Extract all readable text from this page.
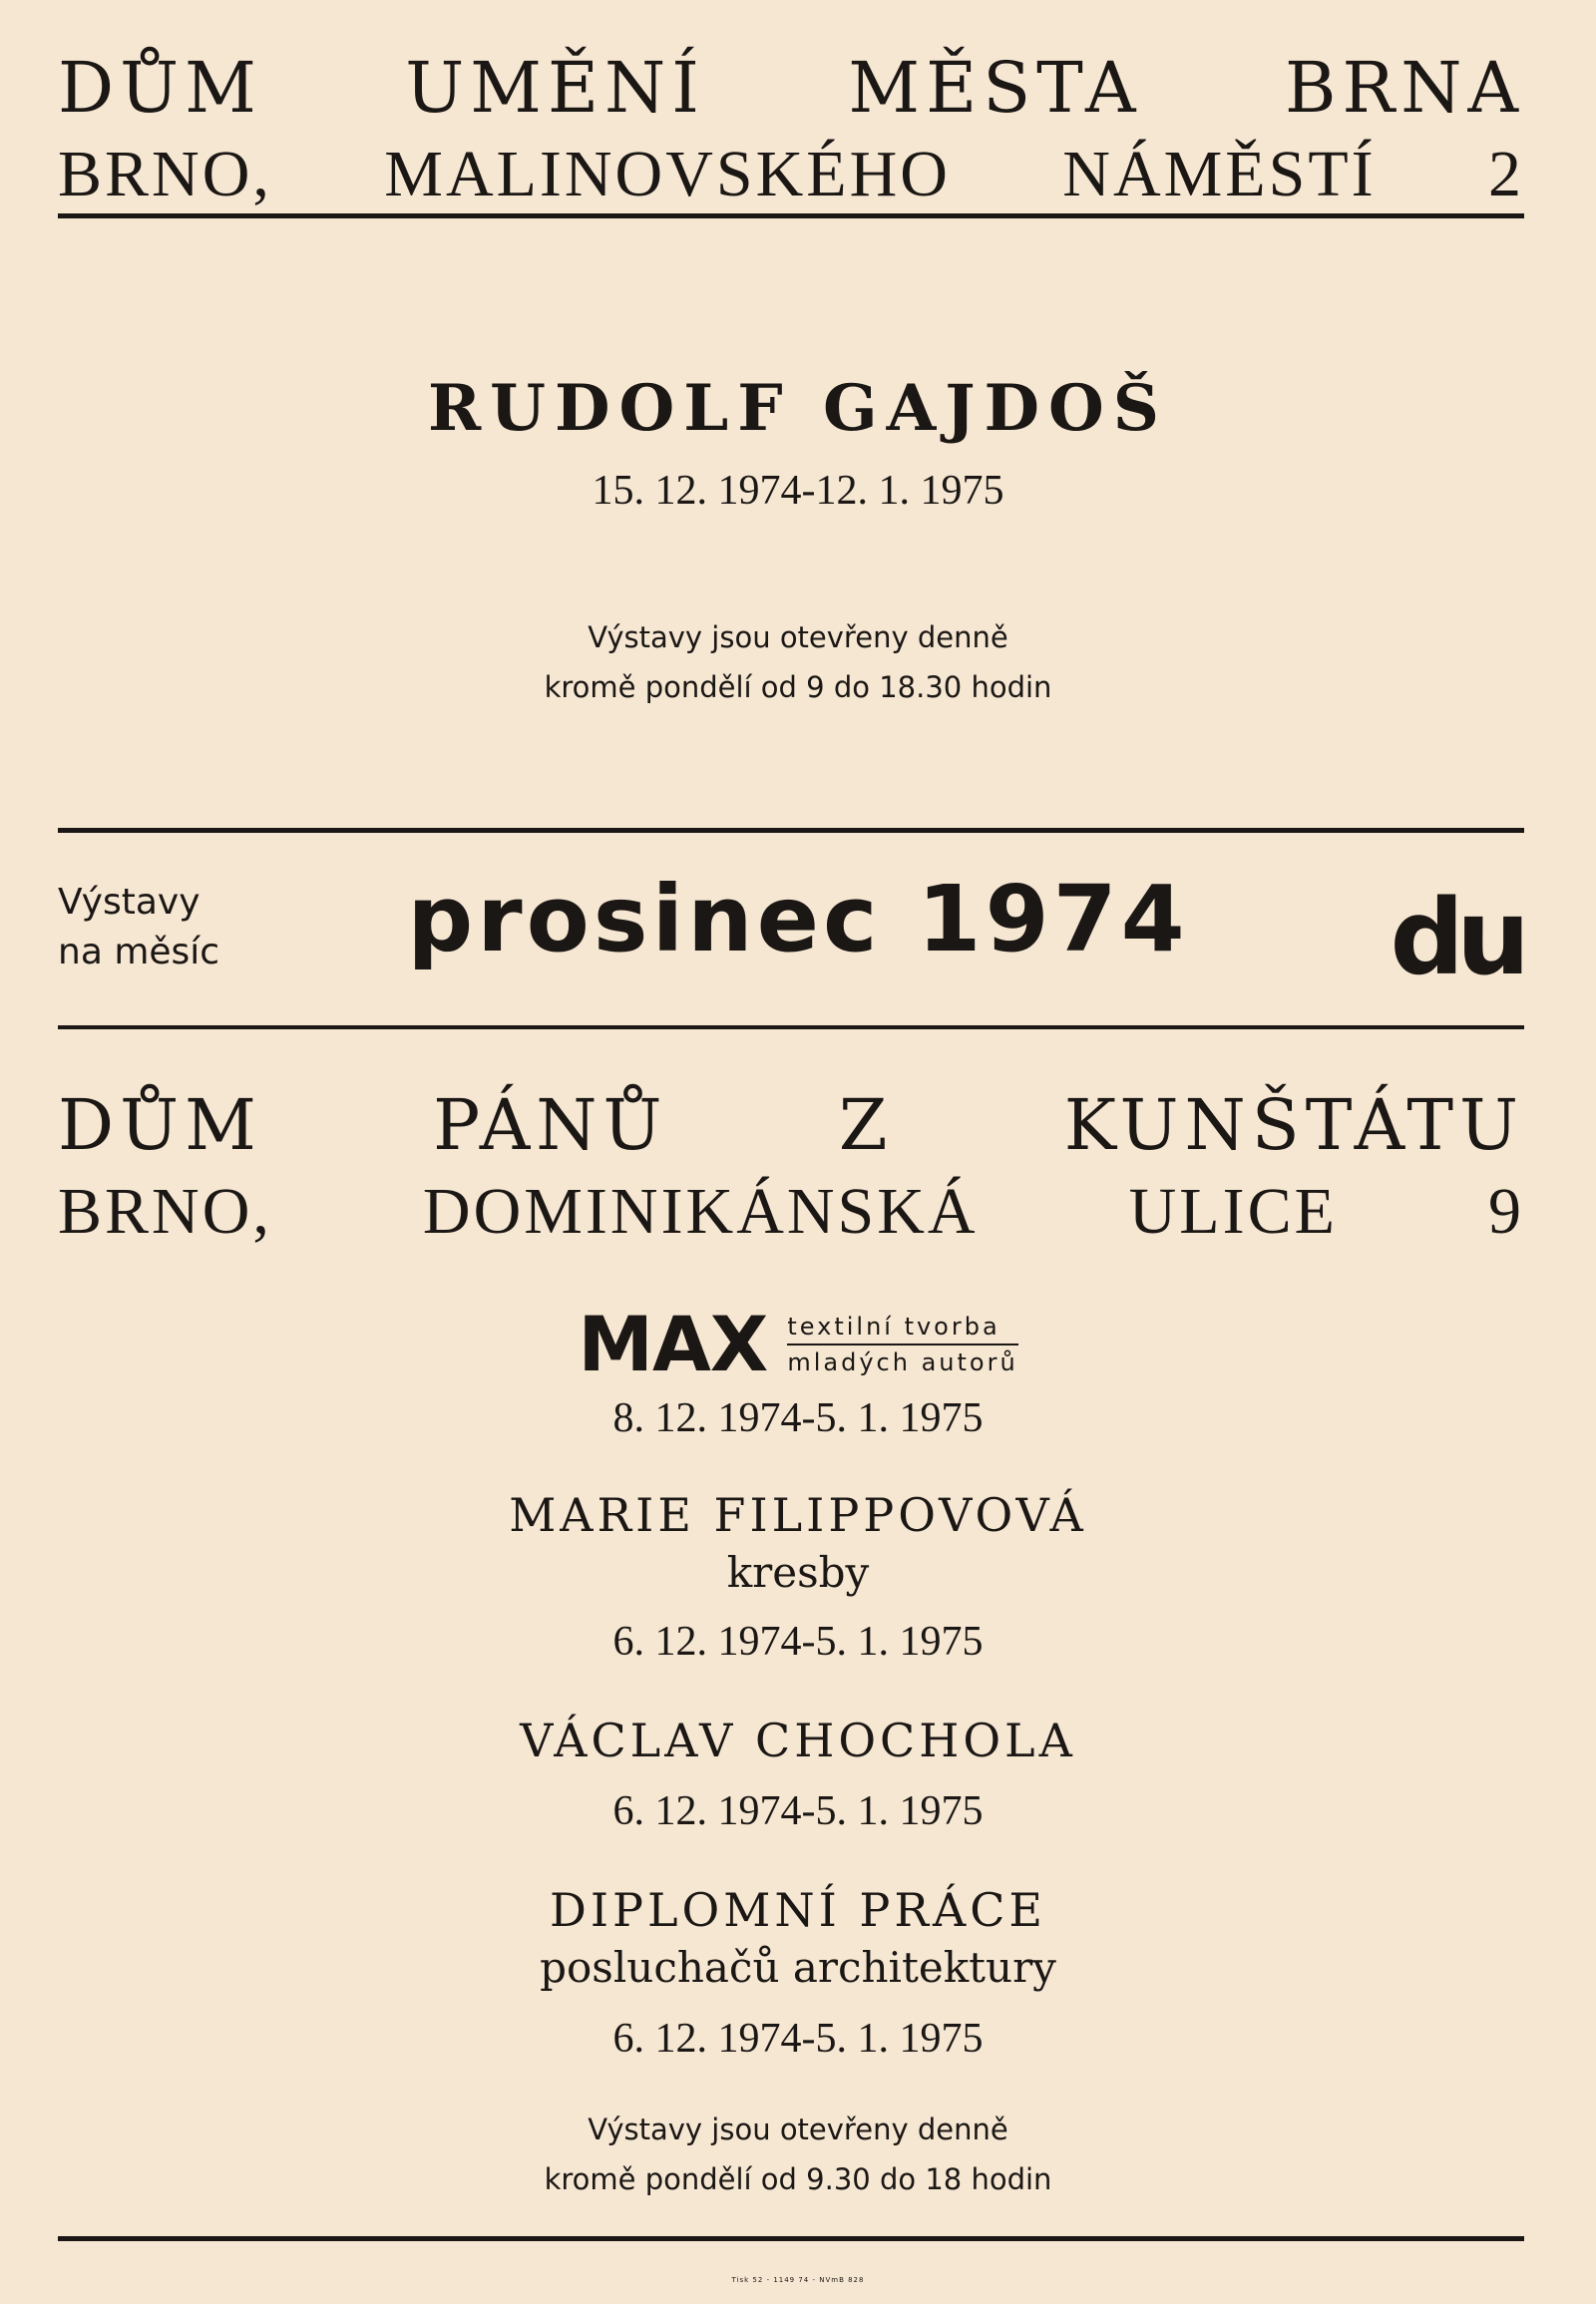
DŮM UMĚNÍ MĚSTA BRNA
BRNO, MALINOVSKÉHO NÁMĚSTÍ 2
RUDOLF GAJDOŠ
15. 12. 1974-12. 1. 1975
Výstavy jsou otevřeny denně
kromě pondělí od 9 do 18.30 hodin
Výstavy
na měsíc	prosinec 1974	du
DŮM PÁNŮ Z KUNŠTÁTU
BRNO, DOMINIKÁNSKÁ ULICE 9
MAX textilní tvorba
mladých autorů
8. 12. 1974-5. 1. 1975
MARIE FILIPPOVOVÁ
kresby
6. 12. 1974-5. 1. 1975
VÁCLAV CHOCHOLA
6. 12. 1974-5. 1. 1975
DIPLOMNÍ PRÁCE
posluchačů architektury
6. 12. 1974-5. 1. 1975
Výstavy jsou otevřeny denně
kromě pondělí od 9.30 do 18 hodin
Tisk 52 - 1149 74 - NVmB 828
